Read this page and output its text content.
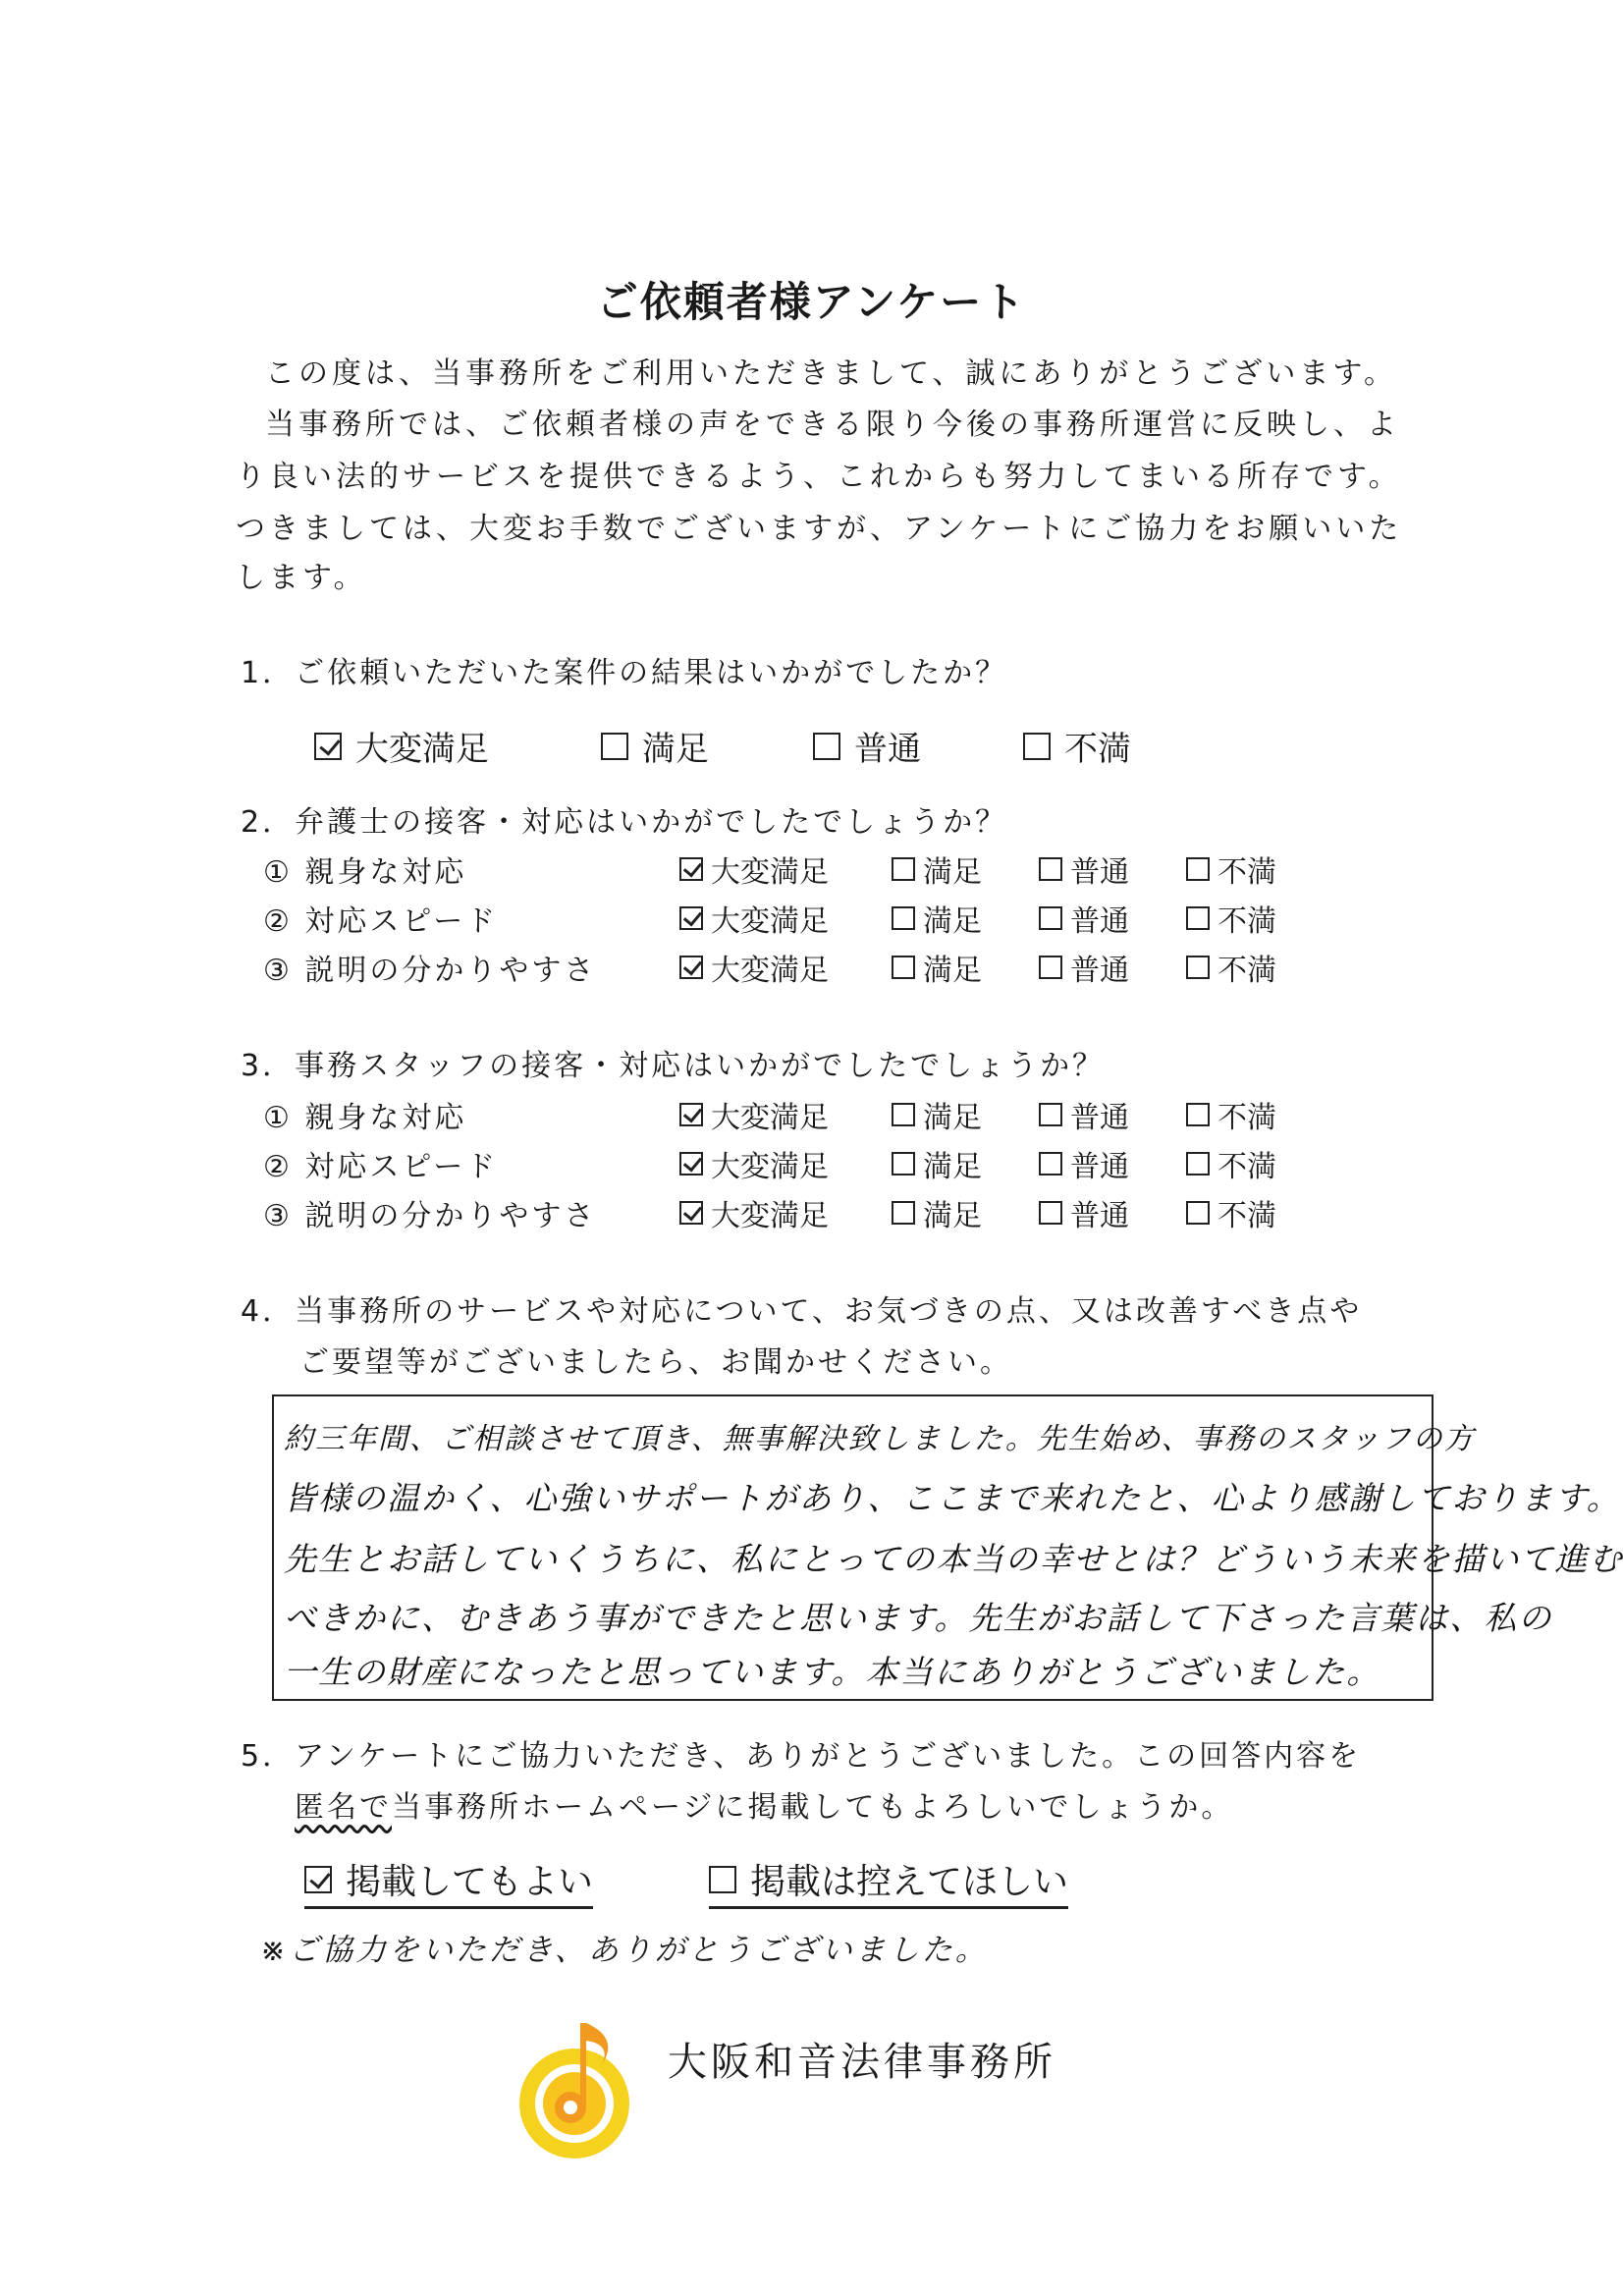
ご依頼者様アンケート
この度は、当事務所をご利用いただきまして、誠にありがとうございます。
当事務所では、ご依頼者様の声をできる限り今後の事務所運営に反映し、よ
り良い法的サービスを提供できるよう、これからも努力してまいる所存です。
つきましては、大変お手数でございますが、アンケートにご協力をお願いいた
します。
1．ご依頼いただいた案件の結果はいかがでしたか？
大変満足	満足	普通	不満
2．弁護士の接客・対応はいかがでしたでしょうか？
① 親身な対応	大変満足	満足	普通	不満
② 対応スピード	大変満足	満足	普通	不満
③ 説明の分かりやすさ	大変満足	満足	普通	不満
3．事務スタッフの接客・対応はいかがでしたでしょうか？
① 親身な対応	大変満足	満足	普通	不満
② 対応スピード	大変満足	満足	普通	不満
③ 説明の分かりやすさ	大変満足	満足	普通	不満
4．当事務所のサービスや対応について、お気づきの点、又は改善すべき点や
ご要望等がございましたら、お聞かせください。
約三年間、ご相談させて頂き、無事解決致しました。先生始め、事務のスタッフの方
皆様の温かく、心強いサポートがあり、ここまで来れたと、心より感謝しております。
先生とお話していくうちに、私にとっての本当の幸せとは？どういう未来を描いて進む
べきかに、むきあう事ができたと思います。先生がお話して下さった言葉は、私の
一生の財産になったと思っています。本当にありがとうございました。
5．アンケートにご協力いただき、ありがとうございました。この回答内容を
匿名で当事務所ホームページに掲載してもよろしいでしょうか。
掲載してもよい	掲載は控えてほしい
※ご協力をいただき、ありがとうございました。
大阪和音法律事務所
